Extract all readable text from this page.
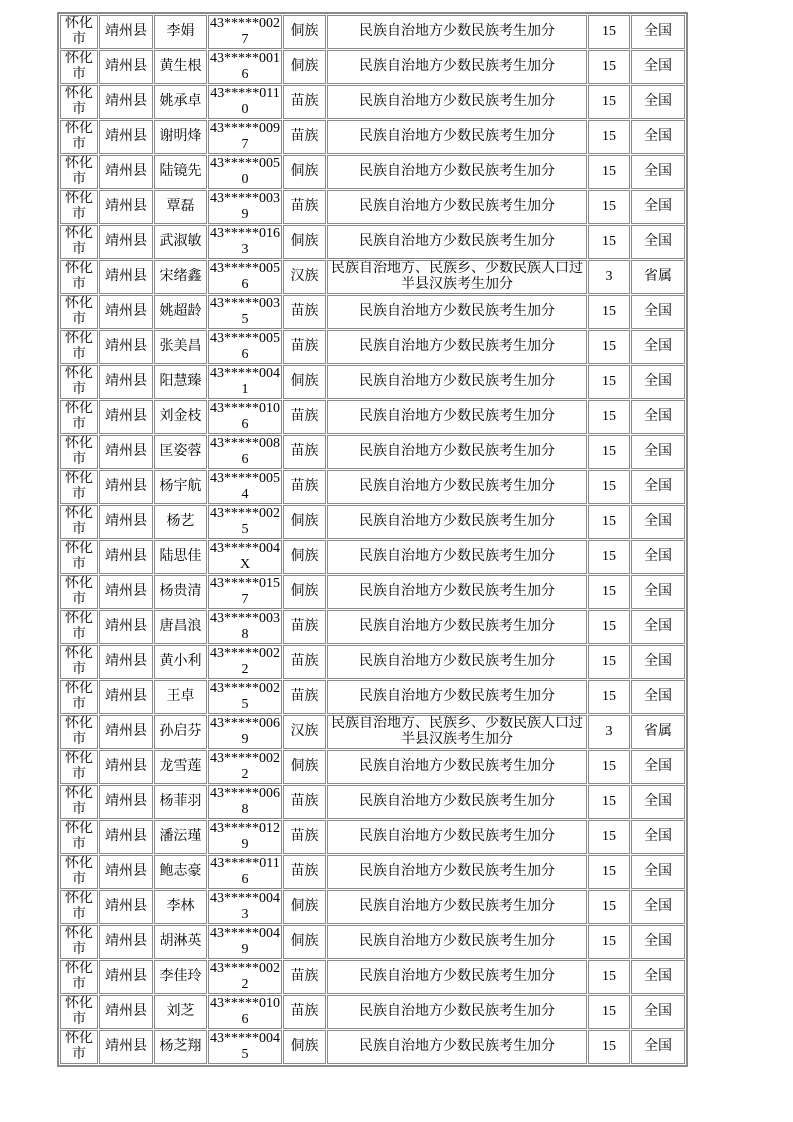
怀化市	靖州县	李娟	43*****0027	侗族	民族自治地方少数民族考生加分	15	全国
怀化市	靖州县	黄生根	43*****0016	侗族	民族自治地方少数民族考生加分	15	全国
怀化市	靖州县	姚承卓	43*****0110	苗族	民族自治地方少数民族考生加分	15	全国
怀化市	靖州县	谢明烽	43*****0097	苗族	民族自治地方少数民族考生加分	15	全国
怀化市	靖州县	陆镜先	43*****0050	侗族	民族自治地方少数民族考生加分	15	全国
怀化市	靖州县	覃磊	43*****0039	苗族	民族自治地方少数民族考生加分	15	全国
怀化市	靖州县	武淑敏	43*****0163	侗族	民族自治地方少数民族考生加分	15	全国
怀化市	靖州县	宋绪鑫	43*****0056	汉族	民族自治地方、民族乡、少数民族人口过半县汉族考生加分	3	省属
怀化市	靖州县	姚超龄	43*****0035	苗族	民族自治地方少数民族考生加分	15	全国
怀化市	靖州县	张美昌	43*****0056	苗族	民族自治地方少数民族考生加分	15	全国
怀化市	靖州县	阳慧臻	43*****0041	侗族	民族自治地方少数民族考生加分	15	全国
怀化市	靖州县	刘金枝	43*****0106	苗族	民族自治地方少数民族考生加分	15	全国
怀化市	靖州县	匡姿蓉	43*****0086	苗族	民族自治地方少数民族考生加分	15	全国
怀化市	靖州县	杨宇航	43*****0054	苗族	民族自治地方少数民族考生加分	15	全国
怀化市	靖州县	杨艺	43*****0025	侗族	民族自治地方少数民族考生加分	15	全国
怀化市	靖州县	陆思佳	43*****004X	侗族	民族自治地方少数民族考生加分	15	全国
怀化市	靖州县	杨贵清	43*****0157	侗族	民族自治地方少数民族考生加分	15	全国
怀化市	靖州县	唐昌浪	43*****0038	苗族	民族自治地方少数民族考生加分	15	全国
怀化市	靖州县	黄小利	43*****0022	苗族	民族自治地方少数民族考生加分	15	全国
怀化市	靖州县	王卓	43*****0025	苗族	民族自治地方少数民族考生加分	15	全国
怀化市	靖州县	孙启芬	43*****0069	汉族	民族自治地方、民族乡、少数民族人口过半县汉族考生加分	3	省属
怀化市	靖州县	龙雪莲	43*****0022	侗族	民族自治地方少数民族考生加分	15	全国
怀化市	靖州县	杨菲羽	43*****0068	苗族	民族自治地方少数民族考生加分	15	全国
怀化市	靖州县	潘沄瑾	43*****0129	苗族	民族自治地方少数民族考生加分	15	全国
怀化市	靖州县	鲍志豪	43*****0116	苗族	民族自治地方少数民族考生加分	15	全国
怀化市	靖州县	李林	43*****0043	侗族	民族自治地方少数民族考生加分	15	全国
怀化市	靖州县	胡淋英	43*****0049	侗族	民族自治地方少数民族考生加分	15	全国
怀化市	靖州县	李佳玲	43*****0022	苗族	民族自治地方少数民族考生加分	15	全国
怀化市	靖州县	刘芝	43*****0106	苗族	民族自治地方少数民族考生加分	15	全国
怀化市	靖州县	杨芝翔	43*****0045	侗族	民族自治地方少数民族考生加分	15	全国
